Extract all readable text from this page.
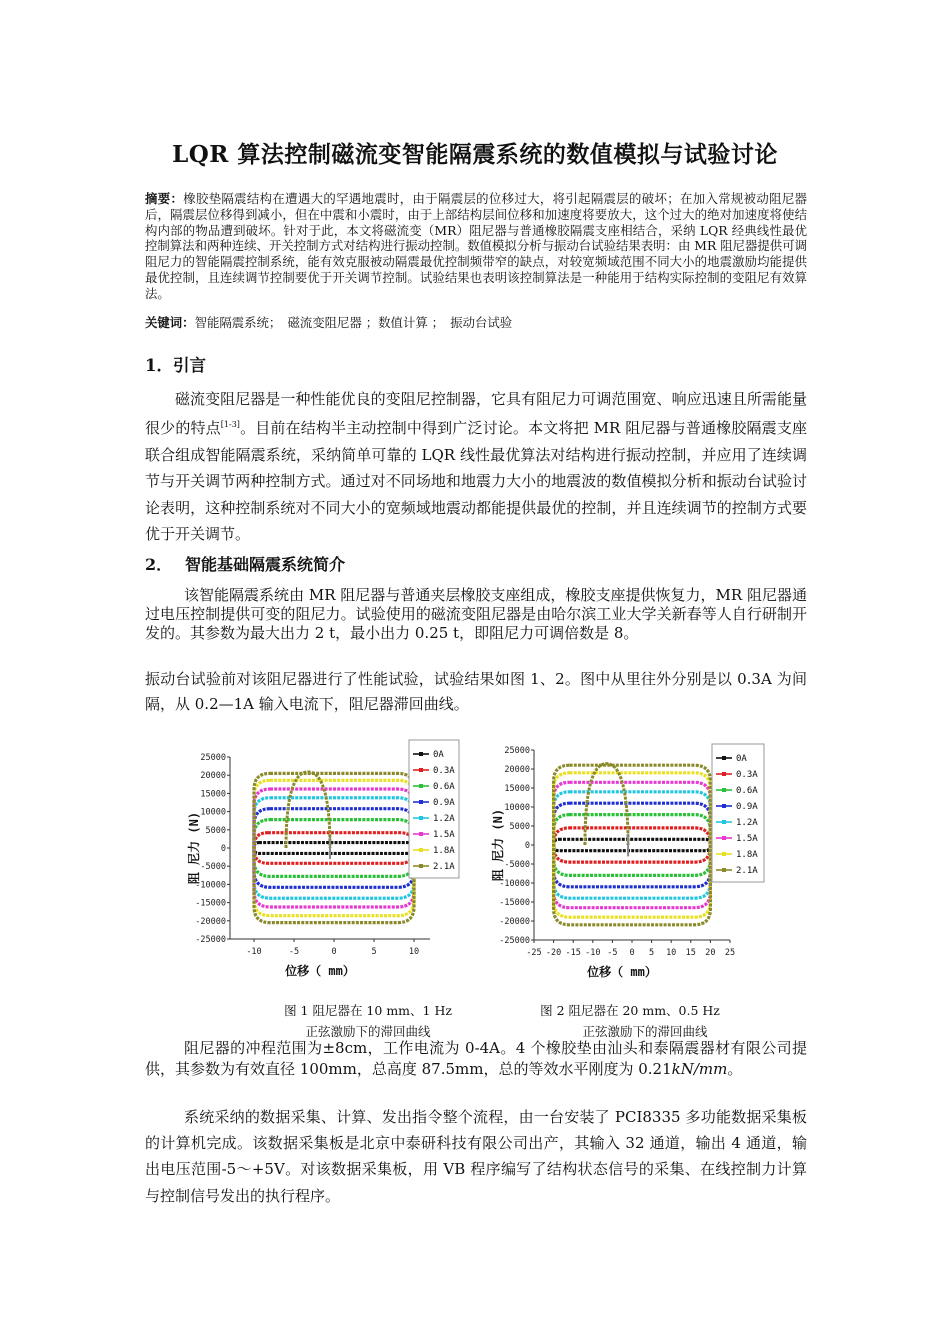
LQR 算法控制磁流变智能隔震系统的数值模拟与试验讨论
摘要：橡胶垫隔震结构在遭遇大的罕遇地震时，由于隔震层的位移过大，将引起隔震层的破坏；在加入常规被动阻尼器后，隔震层位移得到减小，但在中震和小震时，由于上部结构层间位移和加速度将要放大，这个过大的绝对加速度将使结构内部的物品遭到破坏。针对于此，本文将磁流变（MR）阻尼器与普通橡胶隔震支座相结合，采纳 LQR 经典线性最优控制算法和两种连续、开关控制方式对结构进行振动控制。数值模拟分析与振动台试验结果表明：由 MR 阻尼器提供可调阻尼力的智能隔震控制系统，能有效克服被动隔震最优控制频带窄的缺点，对较宽频域范围不同大小的地震激励均能提供最优控制，且连续调节控制要优于开关调节控制。试验结果也表明该控制算法是一种能用于结构实际控制的变阻尼有效算法。
关键词：智能隔震系统；　磁流变阻尼器 ；数值计算 ；　振动台试验
1．引言
磁流变阻尼器是一种性能优良的变阻尼控制器，它具有阻尼力可调范围宽、响应迅速且所需能量很少的特点[1-3]。目前在结构半主动控制中得到广泛讨论。本文将把 MR 阻尼器与普通橡胶隔震支座联合组成智能隔震系统，采纳简单可靠的 LQR 线性最优算法对结构进行振动控制，并应用了连续调节与开关调节两种控制方式。通过对不同场地和地震力大小的地震波的数值模拟分析和振动台试验讨论表明，这种控制系统对不同大小的宽频域地震动都能提供最优的控制，并且连续调节的控制方式要优于开关调节。
2． 智能基础隔震系统简介
该智能隔震系统由 MR 阻尼器与普通夹层橡胶支座组成，橡胶支座提供恢复力，MR 阻尼器通过电压控制提供可变的阻尼力。试验使用的磁流变阻尼器是由哈尔滨工业大学关新春等人自行研制开发的。其参数为最大出力 2 t，最小出力 0.25 t，即阻尼力可调倍数是 8。
振动台试验前对该阻尼器进行了性能试验，试验结果如图 1、2。图中从里往外分别是以 0.3A 为间隔，从 0.2—1A 输入电流下，阻尼器滞回曲线。
25000
20000
15000
10000
5000
0
-5000
-10000
-15000
-20000
-25000
-10	-5	0	5	10
位移（ mm）
阻 尼力 (N)
0A
0.3A
0.6A
0.9A
1.2A
1.5A
1.8A
2.1A
25000
20000
15000
10000
5000
0
-5000
-10000
-15000
-20000
-25000
-25 -20 -15 -10 -5 0 5 10 15 20 25
位移（ mm）
阻 尼力 (N)
0A
0.3A
0.6A
0.9A
1.2A
1.5A
1.8A
2.1A
图 1 阻尼器在 10 mm、1 Hz
正弦激励下的滞回曲线
图 2 阻尼器在 20 mm、0.5 Hz
正弦激励下的滞回曲线
阻尼器的冲程范围为±8cm，工作电流为 0-4A。4 个橡胶垫由汕头和泰隔震器材有限公司提供，其参数为有效直径 100mm，总高度 87.5mm，总的等效水平刚度为 0.21kN/mm。
系统采纳的数据采集、计算、发出指令整个流程，由一台安装了 PCI8335 多功能数据采集板的计算机完成。该数据采集板是北京中泰研科技有限公司出产，其输入 32 通道，输出 4 通道，输出电压范围-5～+5V。对该数据采集板，用 VB 程序编写了结构状态信号的采集、在线控制力计算与控制信号发出的执行程序。
